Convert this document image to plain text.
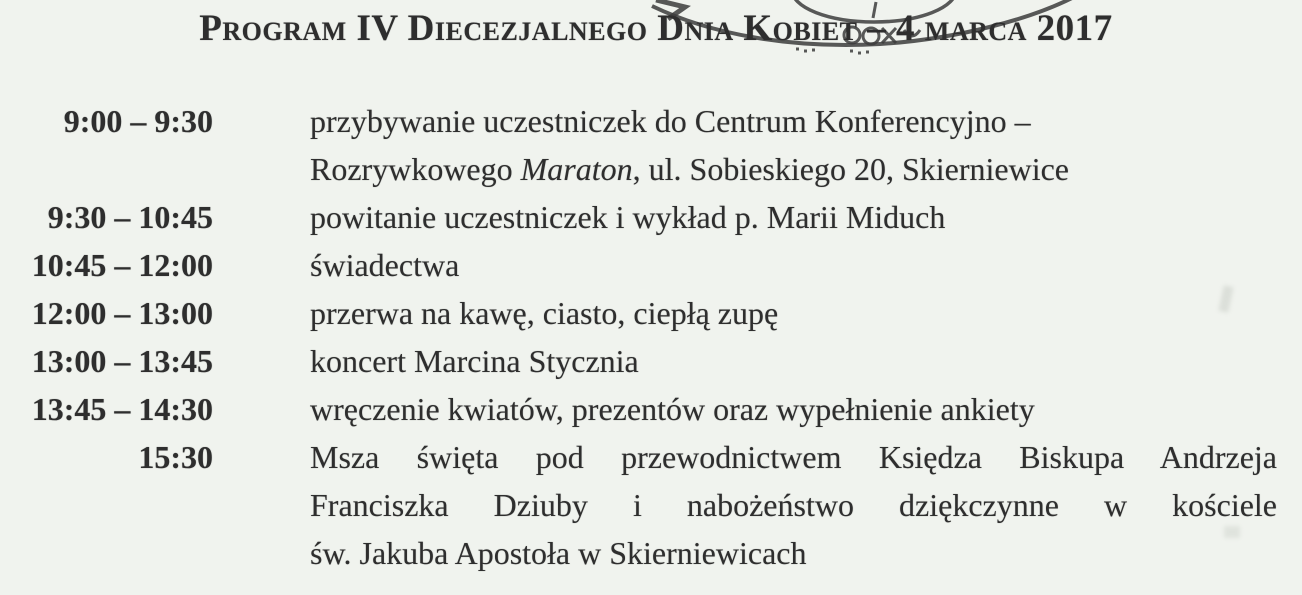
Program IV Diecezjalnego Dnia Kobiet – 4 marca 2017
9:00 – 9:30	przybywanie uczestniczek do Centrum Konferencyjno –
Rozrywkowego Maraton, ul. Sobieskiego 20, Skierniewice
9:30 – 10:45	powitanie uczestniczek i wykład p. Marii Miduch
10:45 – 12:00	świadectwa
12:00 – 13:00	przerwa na kawę, ciasto, ciepłą zupę
13:00 – 13:45	koncert Marcina Stycznia
13:45 – 14:30	wręczenie kwiatów, prezentów oraz wypełnienie ankiety
15:30	Msza święta pod przewodnictwem Księdza Biskupa Andrzeja
Franciszka Dziuby i nabożeństwo dziękczynne w kościele
św. Jakuba Apostoła w Skierniewicach
